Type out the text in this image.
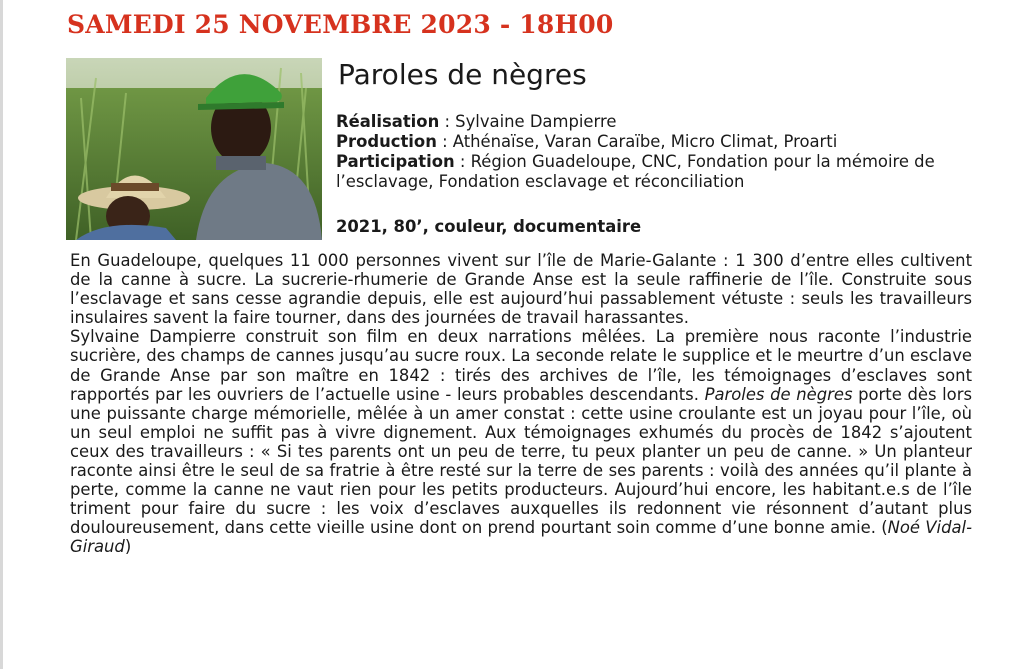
SAMEDI 25 NOVEMBRE 2023 - 18H00
Paroles de nègres

Réalisation : Sylvaine Dampierre

Production : Athénaïse, Varan Caraïbe, Micro Climat, Proarti

Participation : Région Guadeloupe, CNC, Fondation pour la mémoire de l’esclavage, Fondation esclavage et réconciliation

2021, 80’, couleur, documentaire

En Guadeloupe, quelques 11 000 personnes vivent sur l’île de Marie-Galante : 1 300 d’entre elles cultivent de la canne à sucre. La sucrerie-rhumerie de Grande Anse est la seule raffinerie de l’île. Construite sous l’esclavage et sans cesse agrandie depuis, elle est aujourd’hui passablement vétuste : seuls les travailleurs insulaires savent la faire tourner, dans des journées de travail harassantes.

Sylvaine Dampierre construit son film en deux narrations mêlées. La première nous raconte l’industrie sucrière, des champs de cannes jusqu’au sucre roux. La seconde relate le supplice et le meurtre d’un esclave de Grande Anse par son maître en 1842 : tirés des archives de l’île, les témoignages d’esclaves sont rapportés par les ouvriers de l’actuelle usine - leurs probables descendants. Paroles de nègres porte dès lors une puissante charge mémorielle, mêlée à un amer constat : cette usine croulante est un joyau pour l’île, où un seul emploi ne suffit pas à vivre dignement. Aux témoignages exhumés du procès de 1842 s’ajoutent ceux des travailleurs : « Si tes parents ont un peu de terre, tu peux planter un peu de canne. » Un planteur raconte ainsi être le seul de sa fratrie à être resté sur la terre de ses parents : voilà des années qu’il plante à perte, comme la canne ne vaut rien pour les petits producteurs. Aujourd’hui encore, les habitant.e.s de l’île triment pour faire du sucre : les voix d’esclaves auxquelles ils redonnent vie résonnent d’autant plus douloureusement, dans cette vieille usine dont on prend pourtant soin comme d’une bonne amie. (Noé Vidal-Giraud)
